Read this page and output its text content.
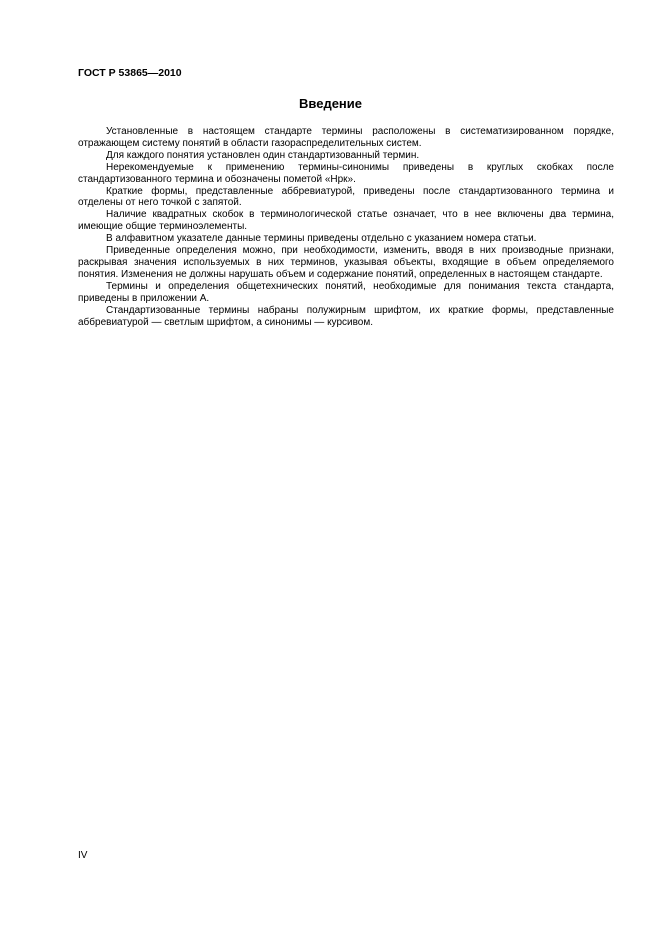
ГОСТ Р 53865—2010
Введение

Установленные в настоящем стандарте термины расположены в систематизированном порядке, отражающем систему понятий в области газораспределительных систем.

Для каждого понятия установлен один стандартизованный термин.

Нерекомендуемые к применению термины-синонимы приведены в круглых скобках после стандартизованного термина и обозначены пометой «Нрк».

Краткие формы, представленные аббревиатурой, приведены после стандартизованного термина и отделены от него точкой с запятой.

Наличие квадратных скобок в терминологической статье означает, что в нее включены два термина, имеющие общие терминоэлементы.

В алфавитном указателе данные термины приведены отдельно с указанием номера статьи.

Приведенные определения можно, при необходимости, изменить, вводя в них производные признаки, раскрывая значения используемых в них терминов, указывая объекты, входящие в объем определяемого понятия. Изменения не должны нарушать объем и содержание понятий, определенных в настоящем стандарте.

Термины и определения общетехнических понятий, необходимые для понимания текста стандарта, приведены в приложении А.

Стандартизованные термины набраны полужирным шрифтом, их краткие формы, представленные аббревиатурой — светлым шрифтом, а синонимы — курсивом.

IV
